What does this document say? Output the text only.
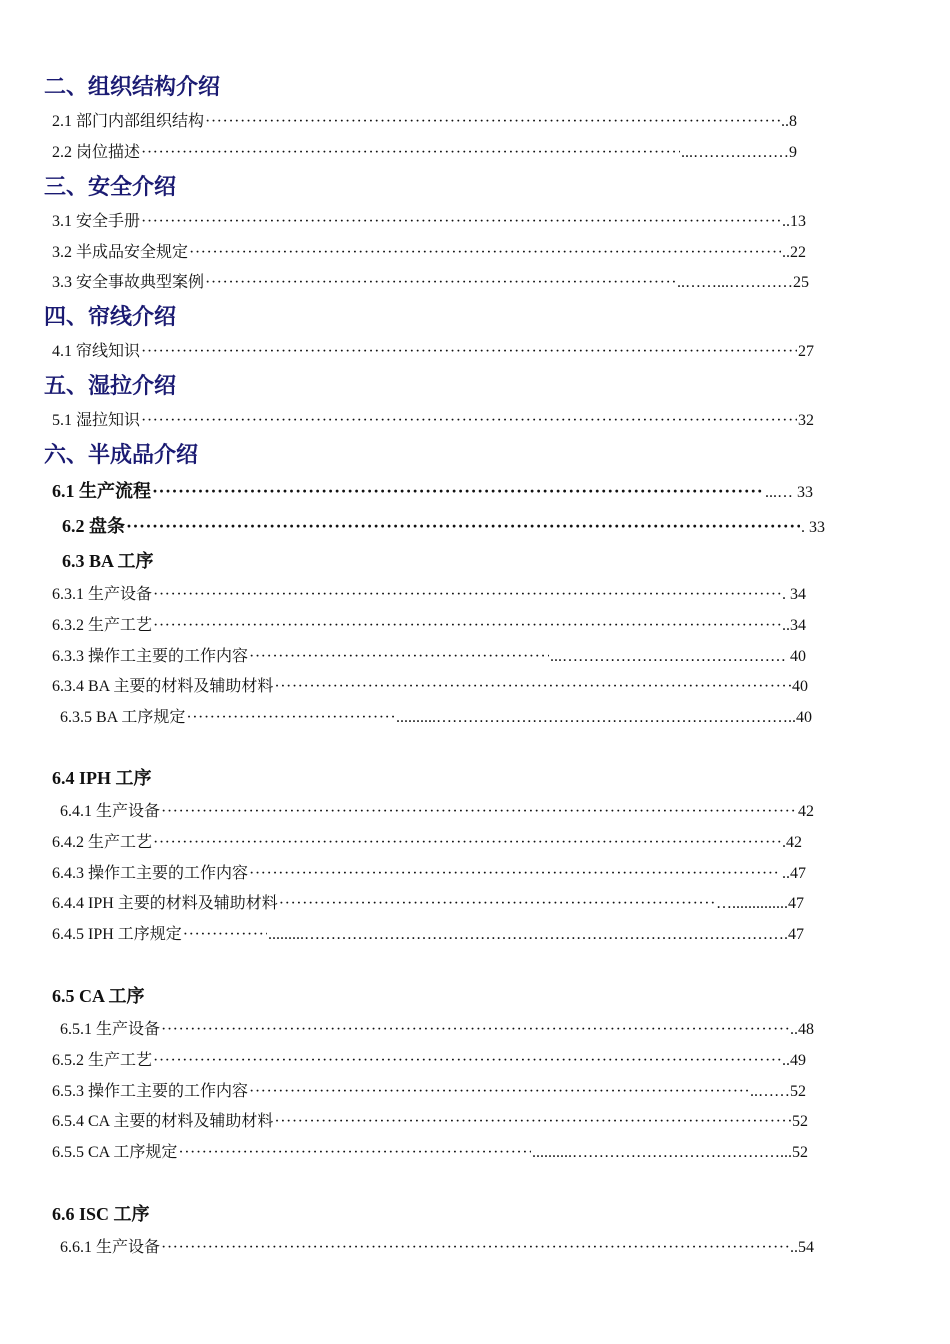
二、组织结构介绍
2.1 部门内部组织结构 ·····	..8
2.2 岗位描述 ·····	...………………9
三、安全介绍
3.1 安全手册 ·····	..13
3.2 半成品安全规定 ·····	..22
3.3 安全事故典型案例 ·····	..……...…………25
四、帘线介绍
4.1 帘线知识 ·····	27
五、湿拉介绍
5.1 湿拉知识 ·····	32
六、半成品介绍
6.1 生产流程 ·····	...… 33
6.2 盘条 ·····	. 33
6.3 BA 工序
6.3.1 生产设备 ·····	. 34
6.3.2 生产工艺 ·····	..34
6.3.3 操作工主要的工作内容 ·····	...…………………………………… 40
6.3.4 BA 主要的材料及辅助材料 ·····	40
6.3.5 BA 工序规定 ·····	..........…………………………………………………………..40
6.4 IPH 工序
6.4.1 生产设备 ·····	42
6.4.2 生产工艺 ·····	.42
6.4.3 操作工主要的工作内容 ·····	..47
6.4.4 IPH 主要的材料及辅助材料 ·····	…..............47
6.4.5 IPH 工序规定 ·····	.........……………………………………………………………………………….47
6.5 CA 工序
6.5.1 生产设备 ·····	..48
6.5.2 生产工艺 ·····	..49
6.5.3 操作工主要的工作内容 ·····	..……52
6.5.4 CA 主要的材料及辅助材料 ·····	52
6.5.5 CA 工序规定 ·····	..........…………………………………...52
6.6 ISC 工序
6.6.1 生产设备 ·····	..54
